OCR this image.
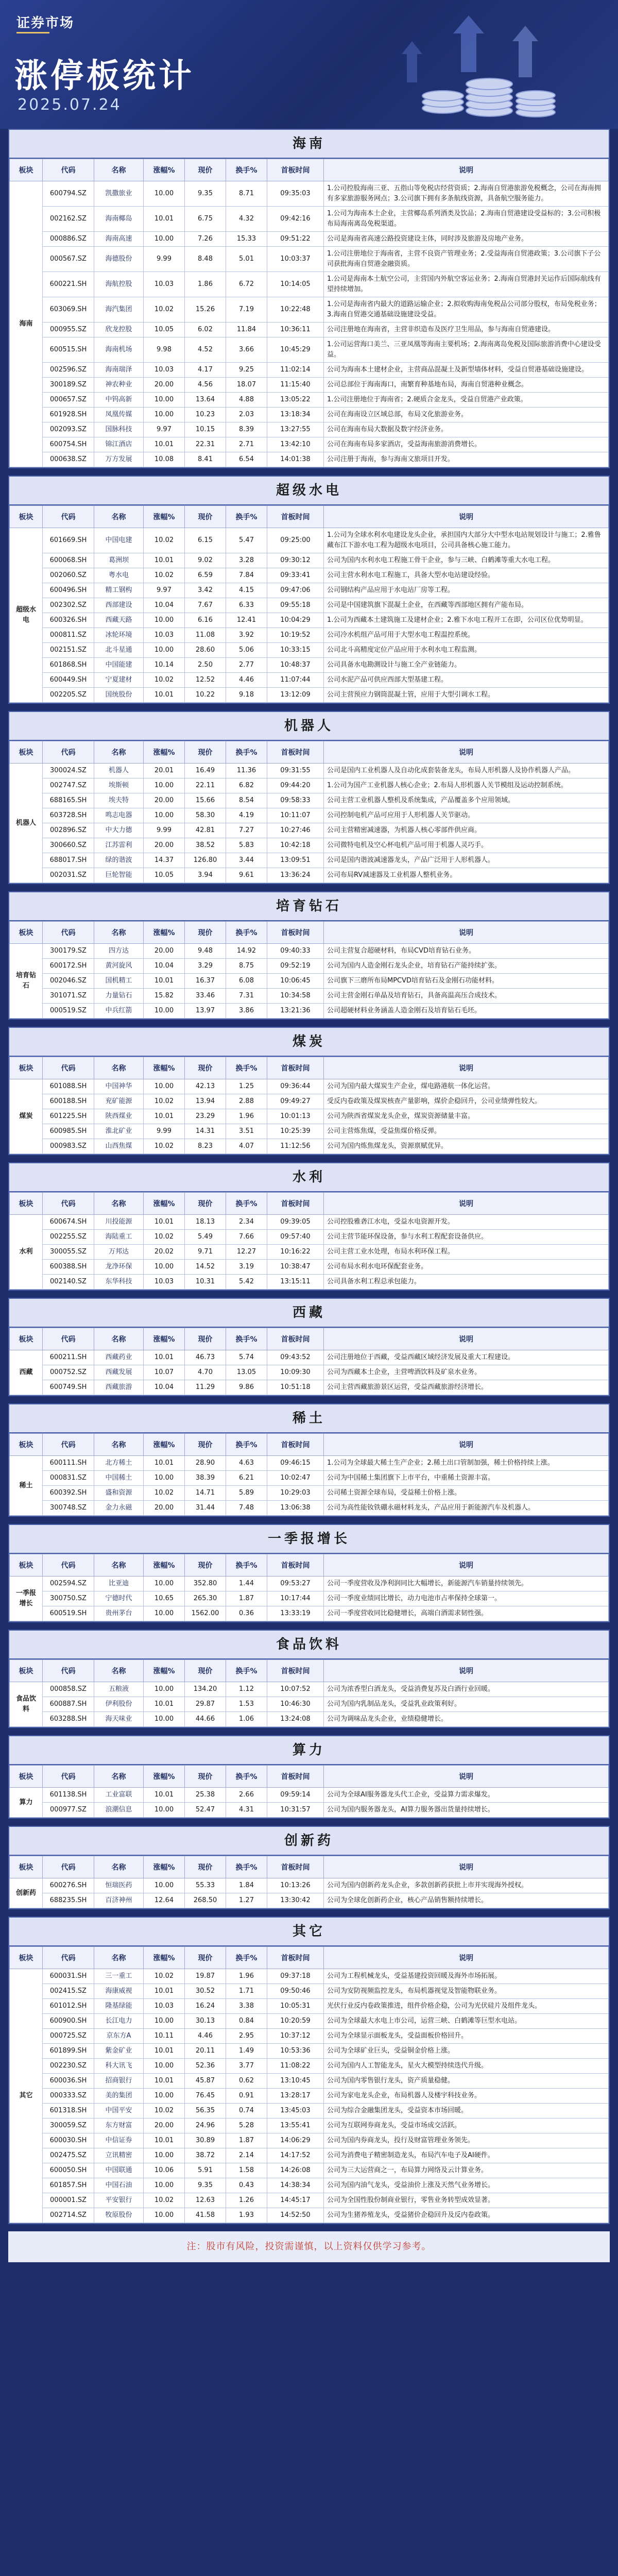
证券市场
涨停板统计
2025.07.24
海南
板块	代码	名称	涨幅%	现价	换手%	首板时间	说明
海南	600794.SZ	凯撒旅业	10.00	9.35	8.71	09:35:03	1.公司控股海南三亚、五指山等免税店经营资质；2.海南自贸港旅游免税概念，公司在海南拥有多家旅游服务网点；3.公司旗下拥有多条航线资源，具备航空服务能力。
	002162.SZ	海南椰岛	10.01	6.75	4.32	09:42:16	1.公司为海南本土企业，主营椰岛系列酒类及饮品；2.海南自贸港建设受益标的；3.公司积极布局海南离岛免税渠道。
	000886.SZ	海南高速	10.00	7.26	15.33	09:51:22	公司是海南省高速公路投资建设主体，同时涉及旅游及房地产业务。
	000567.SZ	海德股份	9.99	8.48	5.01	10:03:37	1.公司注册地位于海南省，主营不良资产管理业务；2.受益海南自贸港政策；3.公司旗下子公司获批海南自贸港金融资质。
	600221.SH	海航控股	10.03	1.86	6.72	10:14:05	1.公司是海南本土航空公司，主营国内外航空客运业务；2.海南自贸港封关运作后国际航线有望持续增加。
	603069.SH	海汽集团	10.02	15.26	7.19	10:22:48	1.公司是海南省内最大的道路运输企业；2.拟收购海南免税品公司部分股权，布局免税业务；3.海南自贸港交通基础设施建设受益。
	000955.SZ	欣龙控股	10.05	6.02	11.84	10:36:11	公司注册地在海南省，主营非织造布及医疗卫生用品，参与海南自贸港建设。
	600515.SH	海南机场	9.98	4.52	3.66	10:45:29	1.公司运营海口美兰、三亚凤凰等海南主要机场；2.海南离岛免税及国际旅游消费中心建设受益。
	002596.SZ	海南瑞泽	10.03	4.17	9.25	11:02:14	公司为海南本土建材企业，主营商品混凝土及新型墙体材料，受益自贸港基础设施建设。
	300189.SZ	神农种业	20.00	4.56	18.07	11:15:40	公司总部位于海南海口，南繁育种基地布局，海南自贸港种业概念。
	000657.SZ	中钨高新	10.00	13.64	4.88	13:05:22	1.公司注册地位于海南省；2.硬质合金龙头，受益自贸港产业政策。
	601928.SH	凤凰传媒	10.00	10.23	2.03	13:18:34	公司在海南设立区域总部，布局文化旅游业务。
	002093.SZ	国脉科技	9.97	10.15	8.39	13:27:55	公司在海南布局大数据及数字经济业务。
	600754.SH	锦江酒店	10.01	22.31	2.71	13:42:10	公司在海南布局多家酒店，受益海南旅游消费增长。
	000638.SZ	万方发展	10.08	8.41	6.54	14:01:38	公司注册于海南，参与海南文旅项目开发。
超级水电
板块	代码	名称	涨幅%	现价	换手%	首板时间	说明
超级水电	601669.SH	中国电建	10.02	6.15	5.47	09:25:00	1.公司为全球水利水电建设龙头企业，承担国内大部分大中型水电站规划设计与施工；2.雅鲁藏布江下游水电工程为超级水电项目，公司具备核心施工能力。
	600068.SH	葛洲坝	10.01	9.02	3.28	09:30:12	公司为国内水利水电工程施工骨干企业，参与三峡、白鹤滩等重大水电工程。
	002060.SZ	粤水电	10.02	6.59	7.84	09:33:41	公司主营水利水电工程施工，具备大型水电站建设经验。
	600496.SH	精工钢构	9.97	3.42	4.15	09:47:06	公司钢结构产品应用于水电站厂房等工程。
	002302.SZ	西部建设	10.04	7.67	6.33	09:55:18	公司是中国建筑旗下混凝土企业，在西藏等西部地区拥有产能布局。
	600326.SH	西藏天路	10.00	6.16	12.41	10:04:29	1.公司为西藏本土建筑施工及建材企业；2.雅下水电工程开工在即，公司区位优势明显。
	000811.SZ	冰轮环境	10.03	11.08	3.92	10:19:52	公司冷水机组产品可用于大型水电工程温控系统。
	002151.SZ	北斗星通	10.00	28.60	5.06	10:33:15	公司北斗高精度定位产品应用于水利水电工程监测。
	601868.SH	中国能建	10.14	2.50	2.77	10:48:37	公司具备水电勘测设计与施工全产业链能力。
	600449.SH	宁夏建材	10.02	12.52	4.46	11:07:44	公司水泥产品可供应西部大型基建工程。
	002205.SZ	国统股份	10.01	10.22	9.18	13:12:09	公司主营预应力钢筒混凝土管，应用于大型引调水工程。
机器人
板块	代码	名称	涨幅%	现价	换手%	首板时间	说明
机器人	300024.SZ	机器人	20.01	16.49	11.36	09:31:55	公司是国内工业机器人及自动化成套装备龙头，布局人形机器人及协作机器人产品。
	002747.SZ	埃斯顿	10.00	22.11	6.82	09:44:20	1.公司为国产工业机器人核心企业；2.布局人形机器人关节模组及运动控制系统。
	688165.SH	埃夫特	20.00	15.66	8.54	09:58:33	公司主营工业机器人整机及系统集成，产品覆盖多个应用领域。
	603728.SH	鸣志电器	10.00	58.30	4.19	10:11:07	公司控制电机产品可应用于人形机器人关节驱动。
	002896.SZ	中大力德	9.99	42.81	7.27	10:27:46	公司主营精密减速器，为机器人核心零部件供应商。
	300660.SZ	江苏雷利	20.00	38.52	5.83	10:42:18	公司微特电机及空心杯电机产品可用于机器人灵巧手。
	688017.SH	绿的谐波	14.37	126.80	3.44	13:09:51	公司是国内谐波减速器龙头，产品广泛用于人形机器人。
	002031.SZ	巨轮智能	10.05	3.94	9.61	13:36:24	公司布局RV减速器及工业机器人整机业务。
培育钻石
板块	代码	名称	涨幅%	现价	换手%	首板时间	说明
培育钻石	300179.SZ	四方达	20.00	9.48	14.92	09:40:33	公司主营复合超硬材料，布局CVD培育钻石业务。
	600172.SH	黄河旋风	10.04	3.29	8.75	09:52:19	公司为国内人造金刚石龙头企业，培育钻石产能持续扩张。
	002046.SZ	国机精工	10.01	16.37	6.08	10:06:45	公司旗下三磨所布局MPCVD培育钻石及金刚石功能材料。
	301071.SZ	力量钻石	15.82	33.46	7.31	10:34:58	公司主营金刚石单晶及培育钻石，具备高温高压合成技术。
	000519.SZ	中兵红箭	10.00	13.97	3.86	13:21:36	公司超硬材料业务涵盖人造金刚石及培育钻石毛坯。
煤炭
板块	代码	名称	涨幅%	现价	换手%	首板时间	说明
煤炭	601088.SH	中国神华	10.00	42.13	1.25	09:36:44	公司为国内最大煤炭生产企业，煤电路港航一体化运营。
	600188.SH	兖矿能源	10.02	13.94	2.88	09:49:27	受反内卷政策及煤炭核查产量影响，煤价企稳回升，公司业绩弹性较大。
	601225.SH	陕西煤业	10.01	23.29	1.96	10:01:13	公司为陕西省煤炭龙头企业，煤炭资源储量丰富。
	600985.SH	淮北矿业	9.99	14.31	3.51	10:25:39	公司主营炼焦煤，受益焦煤价格反弹。
	000983.SZ	山西焦煤	10.02	8.23	4.07	11:12:56	公司为国内炼焦煤龙头，资源禀赋优异。
水利
板块	代码	名称	涨幅%	现价	换手%	首板时间	说明
水利	600674.SH	川投能源	10.01	18.13	2.34	09:39:05	公司控股雅砻江水电，受益水电资源开发。
	002255.SZ	海陆重工	10.02	5.49	7.66	09:57:40	公司主营节能环保设备，参与水利工程配套设备供应。
	300055.SZ	万邦达	20.02	9.71	12.27	10:16:22	公司主营工业水处理，布局水利环保工程。
	600388.SH	龙净环保	10.00	14.52	3.19	10:38:47	公司布局水利水电环保配套业务。
	002140.SZ	东华科技	10.03	10.31	5.42	13:15:11	公司具备水利工程总承包能力。
西藏
板块	代码	名称	涨幅%	现价	换手%	首板时间	说明
西藏	600211.SH	西藏药业	10.01	46.73	5.74	09:43:52	公司注册地位于西藏，受益西藏区域经济发展及重大工程建设。
	000752.SZ	西藏发展	10.07	4.70	13.05	10:09:30	公司为西藏本土企业，主营啤酒饮料及矿泉水业务。
	600749.SH	西藏旅游	10.04	11.29	9.86	10:51:18	公司主营西藏旅游景区运营，受益西藏旅游经济增长。
稀土
板块	代码	名称	涨幅%	现价	换手%	首板时间	说明
稀土	600111.SH	北方稀土	10.01	28.90	4.63	09:46:15	1.公司为全球最大稀土生产企业；2.稀土出口管制加强，稀土价格持续上涨。
	000831.SZ	中国稀土	10.00	38.39	6.21	10:02:47	公司为中国稀土集团旗下上市平台，中重稀土资源丰富。
	600392.SH	盛和资源	10.02	14.71	5.89	10:29:03	公司稀土资源全球布局，受益稀土价格上涨。
	300748.SZ	金力永磁	20.00	31.44	7.48	13:06:38	公司为高性能钕铁硼永磁材料龙头，产品应用于新能源汽车及机器人。
一季报增长
板块	代码	名称	涨幅%	现价	换手%	首板时间	说明
一季报增长	002594.SZ	比亚迪	10.00	352.80	1.44	09:53:27	公司一季度营收及净利润同比大幅增长，新能源汽车销量持续领先。
	300750.SZ	宁德时代	10.65	265.30	1.87	10:17:44	公司一季度业绩同比增长，动力电池市占率保持全球第一。
	600519.SH	贵州茅台	10.00	1562.00	0.36	13:33:19	公司一季度营收同比稳健增长，高端白酒需求韧性强。
食品饮料
板块	代码	名称	涨幅%	现价	换手%	首板时间	说明
食品饮料	000858.SZ	五粮液	10.00	134.20	1.12	10:07:52	公司为浓香型白酒龙头，受益消费复苏及白酒行业回暖。
	600887.SH	伊利股份	10.01	29.87	1.53	10:46:30	公司为国内乳制品龙头，受益乳业政策利好。
	603288.SH	海天味业	10.00	44.66	1.06	13:24:08	公司为调味品龙头企业，业绩稳健增长。
算力
板块	代码	名称	涨幅%	现价	换手%	首板时间	说明
算力	601138.SH	工业富联	10.01	25.38	2.66	09:59:14	公司为全球AI服务器龙头代工企业，受益算力需求爆发。
	000977.SZ	浪潮信息	10.00	52.47	4.31	10:31:57	公司为国内服务器龙头，AI算力服务器出货量持续增长。
创新药
板块	代码	名称	涨幅%	现价	换手%	首板时间	说明
创新药	600276.SH	恒瑞医药	10.00	55.33	1.84	10:13:26	公司为国内创新药龙头企业，多款创新药获批上市并实现海外授权。
	688235.SH	百济神州	12.64	268.50	1.27	13:30:42	公司为全球化创新药企业，核心产品销售额持续增长。
其它
板块	代码	名称	涨幅%	现价	换手%	首板时间	说明
其它	600031.SH	三一重工	10.02	19.87	1.96	09:37:18	公司为工程机械龙头，受益基建投资回暖及海外市场拓展。
	002415.SZ	海康威视	10.01	30.52	1.71	09:50:46	公司为安防视频监控龙头，布局机器视觉及智能物联业务。
	601012.SH	隆基绿能	10.03	16.24	3.38	10:05:31	光伏行业反内卷政策推进，组件价格企稳，公司为光伏硅片及组件龙头。
	600900.SH	长江电力	10.00	30.13	0.84	10:20:59	公司为全球最大水电上市公司，运营三峡、白鹤滩等巨型水电站。
	000725.SZ	京东方A	10.11	4.46	2.95	10:37:12	公司为全球显示面板龙头，受益面板价格回升。
	601899.SH	紫金矿业	10.01	20.11	1.49	10:53:36	公司为全球矿业巨头，受益铜金价格上涨。
	002230.SZ	科大讯飞	10.00	52.36	3.77	11:08:22	公司为国内人工智能龙头，星火大模型持续迭代升级。
	600036.SH	招商银行	10.01	45.87	0.62	13:10:45	公司为国内零售银行龙头，资产质量稳健。
	000333.SZ	美的集团	10.00	76.45	0.91	13:28:17	公司为家电龙头企业，布局机器人及楼宇科技业务。
	601318.SH	中国平安	10.02	56.35	0.74	13:45:03	公司为综合金融集团龙头，受益资本市场回暖。
	300059.SZ	东方财富	20.00	24.96	5.28	13:55:41	公司为互联网券商龙头，受益市场成交活跃。
	600030.SH	中信证券	10.01	30.89	1.87	14:06:29	公司为国内券商龙头，投行及财富管理业务领先。
	002475.SZ	立讯精密	10.00	38.72	2.14	14:17:52	公司为消费电子精密制造龙头，布局汽车电子及AI硬件。
	600050.SH	中国联通	10.06	5.91	1.58	14:26:08	公司为三大运营商之一，布局算力网络及云计算业务。
	601857.SH	中国石油	10.00	9.35	0.43	14:38:34	公司为国内油气龙头，受益油价上涨及天然气业务增长。
	000001.SZ	平安银行	10.02	12.63	1.26	14:45:17	公司为全国性股份制商业银行，零售业务转型成效显著。
	002714.SZ	牧原股份	10.00	41.58	1.93	14:52:50	公司为生猪养殖龙头，受益猪价企稳回升及反内卷政策。
注：股市有风险，投资需谨慎，以上资料仅供学习参考。
